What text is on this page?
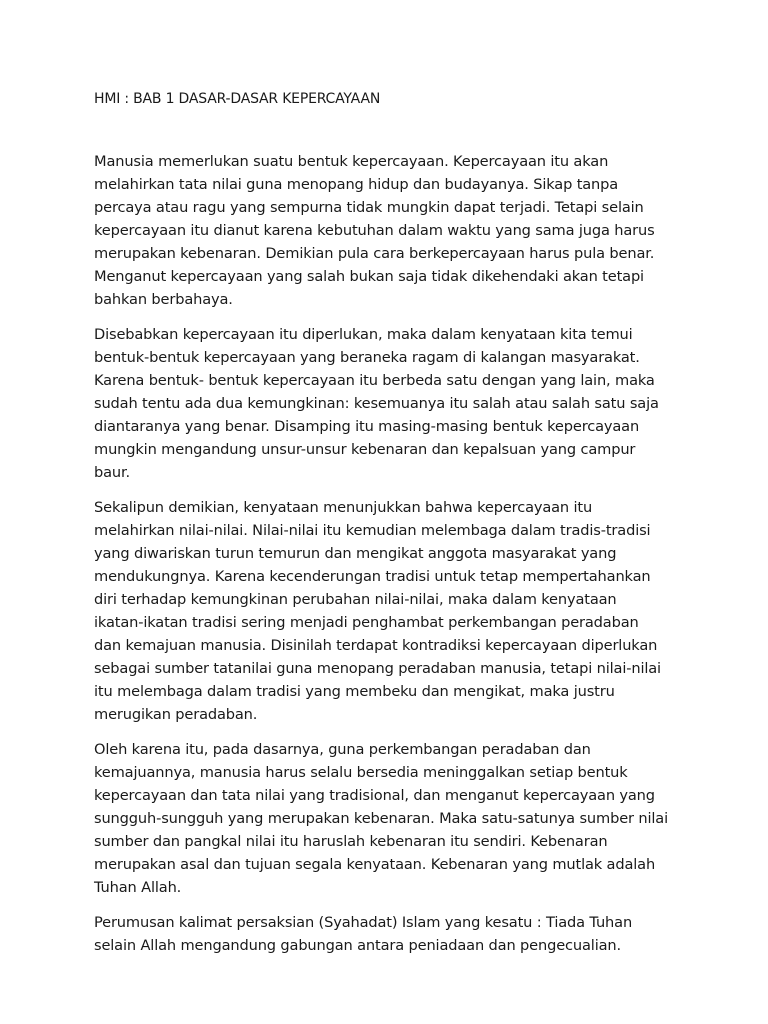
HMI : BAB 1 DASAR-DASAR KEPERCAYAAN
Manusia memerlukan suatu bentuk kepercayaan. Kepercayaan itu akan
melahirkan tata nilai guna menopang hidup dan budayanya. Sikap tanpa
percaya atau ragu yang sempurna tidak mungkin dapat terjadi. Tetapi selain
kepercayaan itu dianut karena kebutuhan dalam waktu yang sama juga harus
merupakan kebenaran. Demikian pula cara berkepercayaan harus pula benar.
Menganut kepercayaan yang salah bukan saja tidak dikehendaki akan tetapi
bahkan berbahaya.
Disebabkan kepercayaan itu diperlukan, maka dalam kenyataan kita temui
bentuk-bentuk kepercayaan yang beraneka ragam di kalangan masyarakat.
Karena bentuk- bentuk kepercayaan itu berbeda satu dengan yang lain, maka
sudah tentu ada dua kemungkinan: kesemuanya itu salah atau salah satu saja
diantaranya yang benar. Disamping itu masing-masing bentuk kepercayaan
mungkin mengandung unsur-unsur kebenaran dan kepalsuan yang campur
baur.
Sekalipun demikian, kenyataan menunjukkan bahwa kepercayaan itu
melahirkan nilai-nilai. Nilai-nilai itu kemudian melembaga dalam tradis-tradisi
yang diwariskan turun temurun dan mengikat anggota masyarakat yang
mendukungnya. Karena kecenderungan tradisi untuk tetap mempertahankan
diri terhadap kemungkinan perubahan nilai-nilai, maka dalam kenyataan
ikatan-ikatan tradisi sering menjadi penghambat perkembangan peradaban
dan kemajuan manusia. Disinilah terdapat kontradiksi kepercayaan diperlukan
sebagai sumber tatanilai guna menopang peradaban manusia, tetapi nilai-nilai
itu melembaga dalam tradisi yang membeku dan mengikat, maka justru
merugikan peradaban.
Oleh karena itu, pada dasarnya, guna perkembangan peradaban dan
kemajuannya, manusia harus selalu bersedia meninggalkan setiap bentuk
kepercayaan dan tata nilai yang tradisional, dan menganut kepercayaan yang
sungguh-sungguh yang merupakan kebenaran. Maka satu-satunya sumber nilai
sumber dan pangkal nilai itu haruslah kebenaran itu sendiri. Kebenaran
merupakan asal dan tujuan segala kenyataan. Kebenaran yang mutlak adalah
Tuhan Allah.
Perumusan kalimat persaksian (Syahadat) Islam yang kesatu : Tiada Tuhan
selain Allah mengandung gabungan antara peniadaan dan pengecualian.
